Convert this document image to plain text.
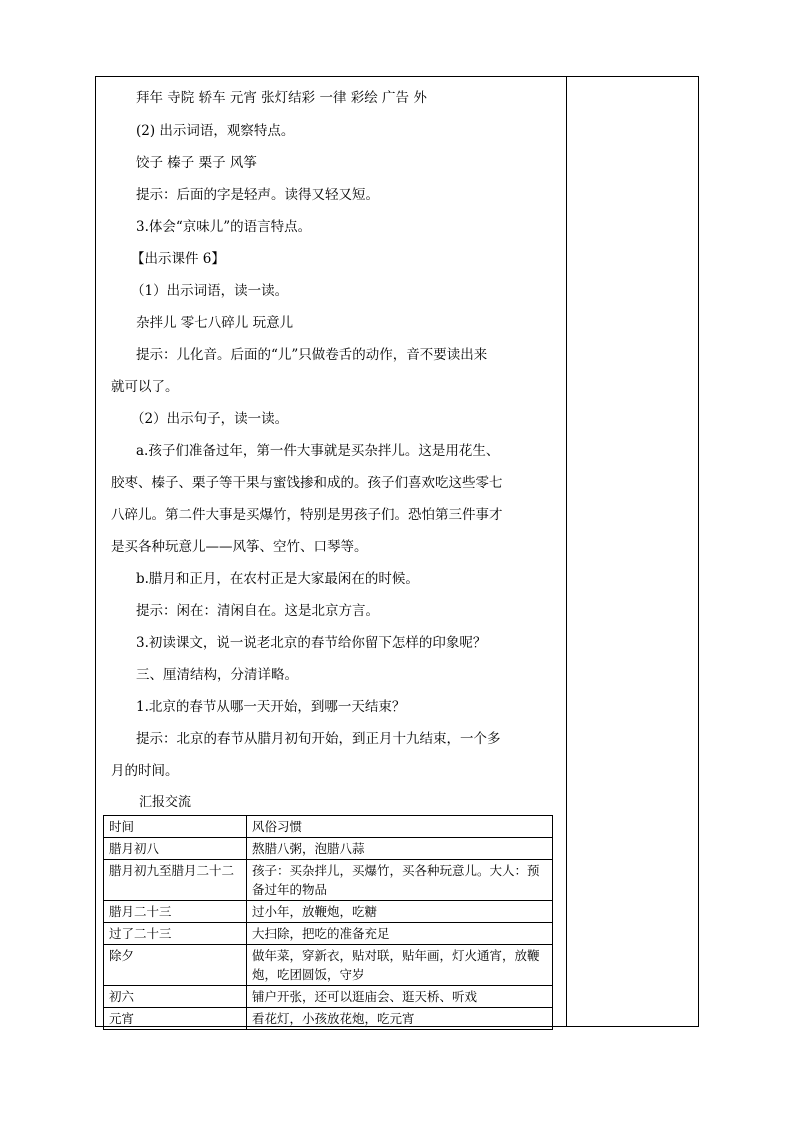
拜年 寺院 轿车 元宵 张灯结彩 一律 彩绘 广告 外
(2) 出示词语，观察特点。
饺子 榛子 栗子 风筝
提示：后面的字是轻声。读得又轻又短。
3.体会“京味儿”的语言特点。
【出示课件 6】
（1）出示词语，读一读。
杂拌儿 零七八碎儿 玩意儿
提示：儿化音。后面的“儿”只做卷舌的动作，音不要读出来
就可以了。
（2）出示句子，读一读。
a.孩子们准备过年，第一件大事就是买杂拌儿。这是用花生、
胶枣、榛子、栗子等干果与蜜饯掺和成的。孩子们喜欢吃这些零七
八碎儿。第二件大事是买爆竹，特别是男孩子们。恐怕第三件事才
是买各种玩意儿——风筝、空竹、口琴等。
b.腊月和正月，在农村正是大家最闲在的时候。
提示：闲在：清闲自在。这是北京方言。
3.初读课文，说一说老北京的春节给你留下怎样的印象呢？
三、厘清结构，分清详略。
1.北京的春节从哪一天开始，到哪一天结束？
提示：北京的春节从腊月初旬开始，到正月十九结束，一个多
月的时间。
汇报交流
时间	风俗习惯
腊月初八	熬腊八粥，泡腊八蒜
腊月初九至腊月二十二	孩子：买杂拌儿，买爆竹，买各种玩意儿。大人：预备过年的物品
腊月二十三	过小年，放鞭炮，吃糖
过了二十三	大扫除，把吃的准备充足
除夕	做年菜，穿新衣，贴对联，贴年画，灯火通宵，放鞭炮，吃团圆饭，守岁
初六	铺户开张，还可以逛庙会、逛天桥、听戏
元宵	看花灯，小孩放花炮，吃元宵
